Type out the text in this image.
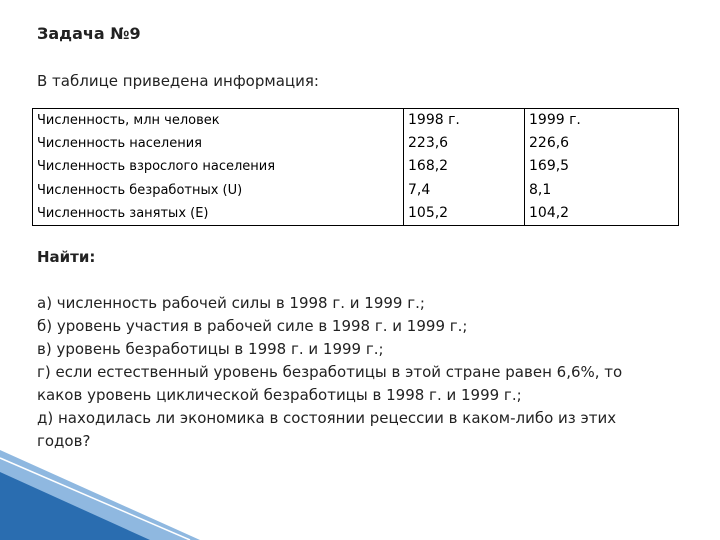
Задача №9
В таблице приведена информация:
Численность, млн человек	1998 г.	1999 г.
Численность населения	223,6	226,6
Численность взрослого населения	168,2	169,5
Численность безработных (U)	7,4	8,1
Численность занятых (E)	105,2	104,2
Найти:
а) численность рабочей силы в 1998 г. и 1999 г.;
б) уровень участия в рабочей силе в 1998 г. и 1999 г.;
в) уровень безработицы в 1998 г. и 1999 г.;
г) если естественный уровень безработицы в этой стране равен 6,6%, то
каков уровень циклической безработицы в 1998 г. и 1999 г.;
д) находилась ли экономика в состоянии рецессии в каком-либо из этих
годов?
